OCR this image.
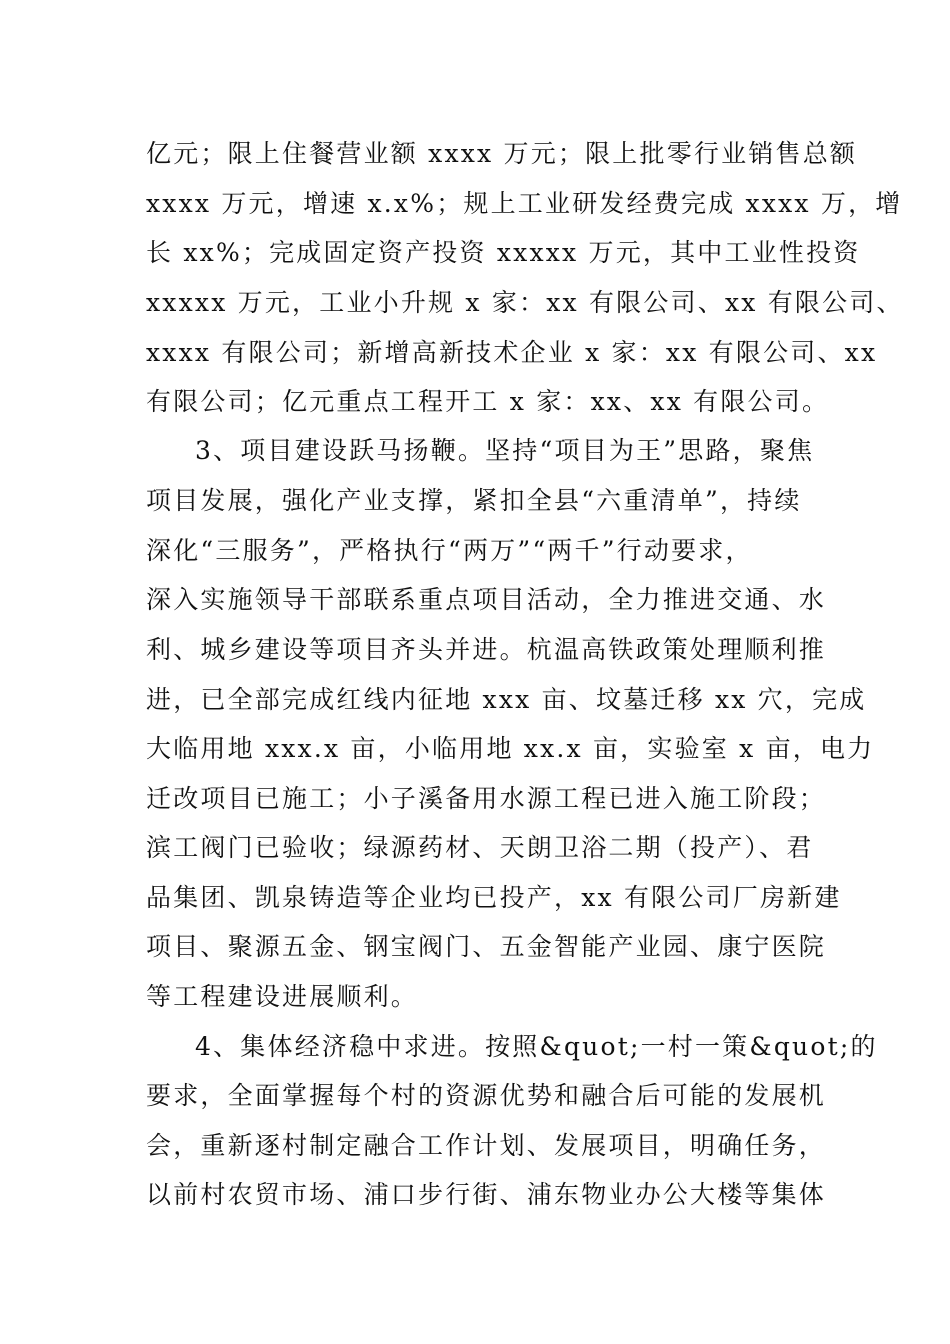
亿元；限上住餐营业额 xxxx 万元；限上批零行业销售总额
xxxx 万元，增速 x.x%；规上工业研发经费完成 xxxx 万，增
长 xx%；完成固定资产投资 xxxxx 万元，其中工业性投资
xxxxx 万元，工业小升规 x 家：xx 有限公司、xx 有限公司、
xxxx 有限公司；新增高新技术企业 x 家：xx 有限公司、xx
有限公司；亿元重点工程开工 x 家：xx、xx 有限公司。
3、项目建设跃马扬鞭。坚持“项目为王”思路，聚焦
项目发展，强化产业支撑，紧扣全县“六重清单”，持续
深化“三服务”，严格执行“两万”“两千”行动要求，
深入实施领导干部联系重点项目活动，全力推进交通、水
利、城乡建设等项目齐头并进。杭温高铁政策处理顺利推
进，已全部完成红线内征地 xxx 亩、坟墓迁移 xx 穴，完成
大临用地 xxx.x 亩，小临用地 xx.x 亩，实验室 x 亩，电力
迁改项目已施工；小子溪备用水源工程已进入施工阶段；
滨工阀门已验收；绿源药材、天朗卫浴二期（投产）、君
品集团、凯泉铸造等企业均已投产，xx 有限公司厂房新建
项目、聚源五金、钢宝阀门、五金智能产业园、康宁医院
等工程建设进展顺利。
4、集体经济稳中求进。按照&quot;一村一策&quot;的
要求，全面掌握每个村的资源优势和融合后可能的发展机
会，重新逐村制定融合工作计划、发展项目，明确任务，
以前村农贸市场、浦口步行街、浦东物业办公大楼等集体
